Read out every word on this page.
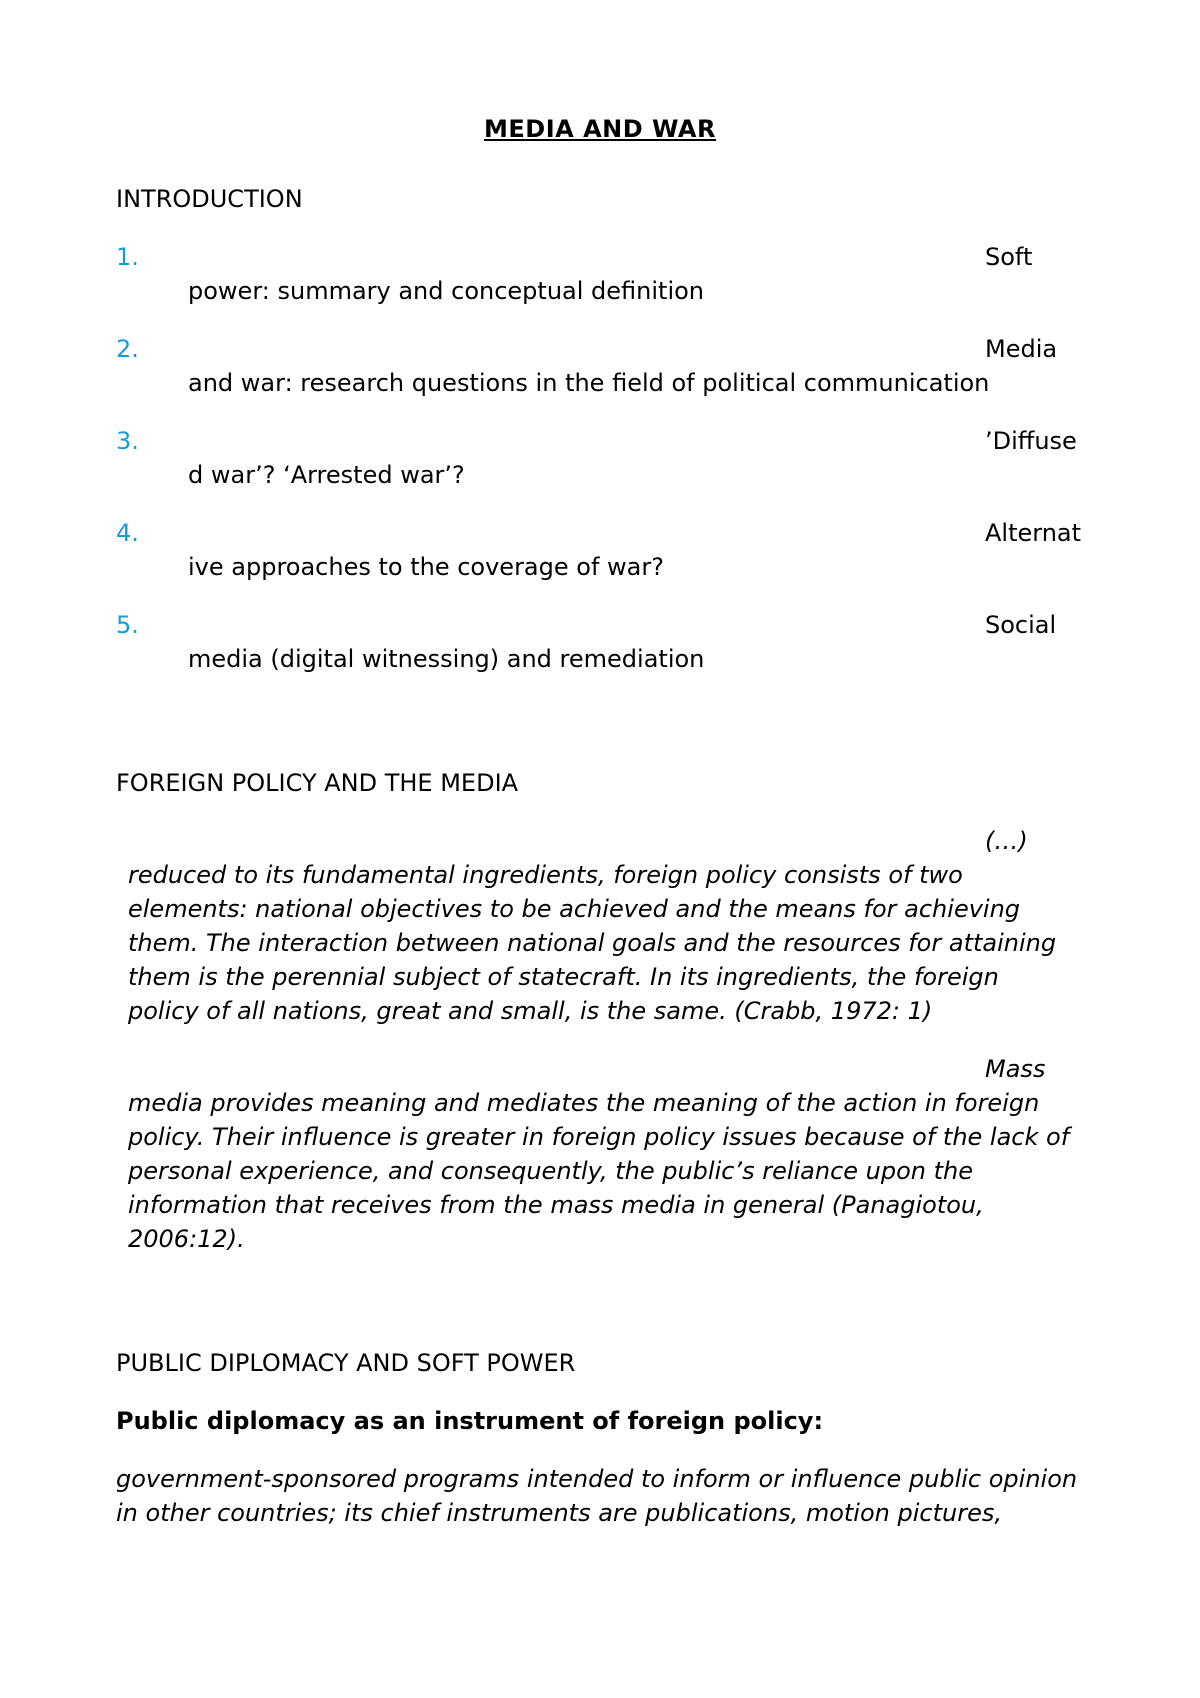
MEDIA AND WAR
INTRODUCTION
1.	Soft
power: summary and conceptual definition
2.	Media
and war: research questions in the field of political communication
3.	’Diffuse
d war’? ‘Arrested war’?
4.	Alternat
ive approaches to the coverage of war?
5.	Social
media (digital witnessing) and remediation
FOREIGN POLICY AND THE MEDIA
(…)
reduced to its fundamental ingredients, foreign policy consists of two
elements: national objectives to be achieved and the means for achieving
them. The interaction between national goals and the resources for attaining
them is the perennial subject of statecraft. In its ingredients, the foreign
policy of all nations, great and small, is the same. (Crabb, 1972: 1)
Mass
media provides meaning and mediates the meaning of the action in foreign
policy. Their influence is greater in foreign policy issues because of the lack of
personal experience, and consequently, the public’s reliance upon the
information that receives from the mass media in general (Panagiotou,
2006:12).
PUBLIC DIPLOMACY AND SOFT POWER
Public diplomacy as an instrument of foreign policy:
government-sponsored programs intended to inform or influence public opinion
in other countries; its chief instruments are publications, motion pictures,
